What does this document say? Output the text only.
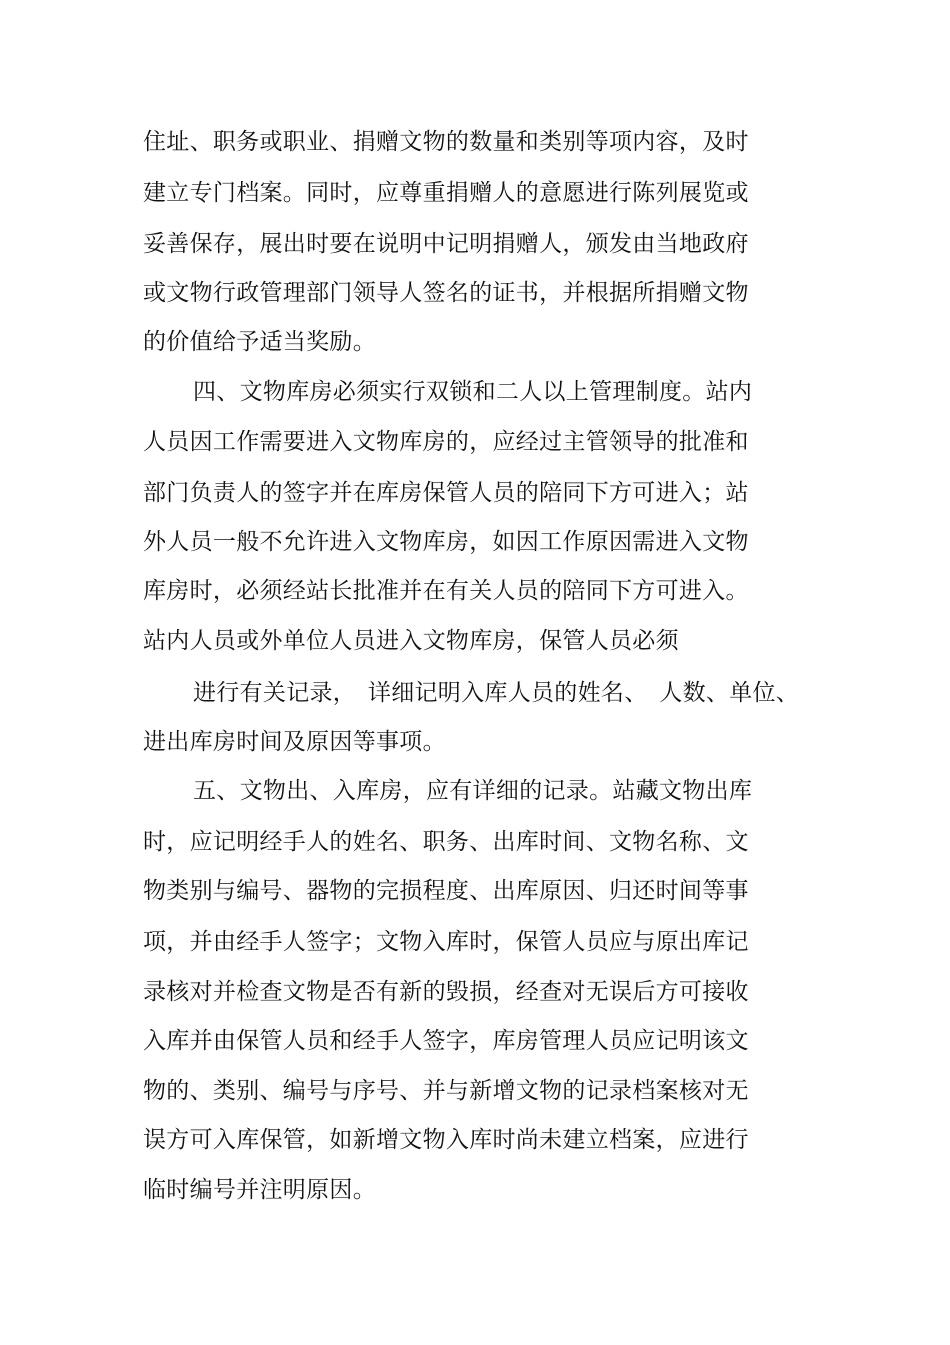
住址、职务或职业、捐赠文物的数量和类别等项内容，及时
建立专门档案。同时，应尊重捐赠人的意愿进行陈列展览或
妥善保存，展出时要在说明中记明捐赠人，颁发由当地政府
或文物行政管理部门领导人签名的证书，并根据所捐赠文物
的价值给予适当奖励。
四、文物库房必须实行双锁和二人以上管理制度。站内
人员因工作需要进入文物库房的，应经过主管领导的批准和
部门负责人的签字并在库房保管人员的陪同下方可进入；站
外人员一般不允许进入文物库房，如因工作原因需进入文物
库房时，必须经站长批准并在有关人员的陪同下方可进入。
站内人员或外单位人员进入文物库房，保管人员必须
进行有关记录，　详细记明入库人员的姓名、　人数、单位、
进出库房时间及原因等事项。
五、文物出、入库房，应有详细的记录。站藏文物出库
时，应记明经手人的姓名、职务、出库时间、文物名称、文
物类别与编号、器物的完损程度、出库原因、归还时间等事
项，并由经手人签字；文物入库时，保管人员应与原出库记
录核对并检查文物是否有新的毁损，经查对无误后方可接收
入库并由保管人员和经手人签字，库房管理人员应记明该文
物的、类别、编号与序号、并与新增文物的记录档案核对无
误方可入库保管，如新增文物入库时尚未建立档案，应进行
临时编号并注明原因。
